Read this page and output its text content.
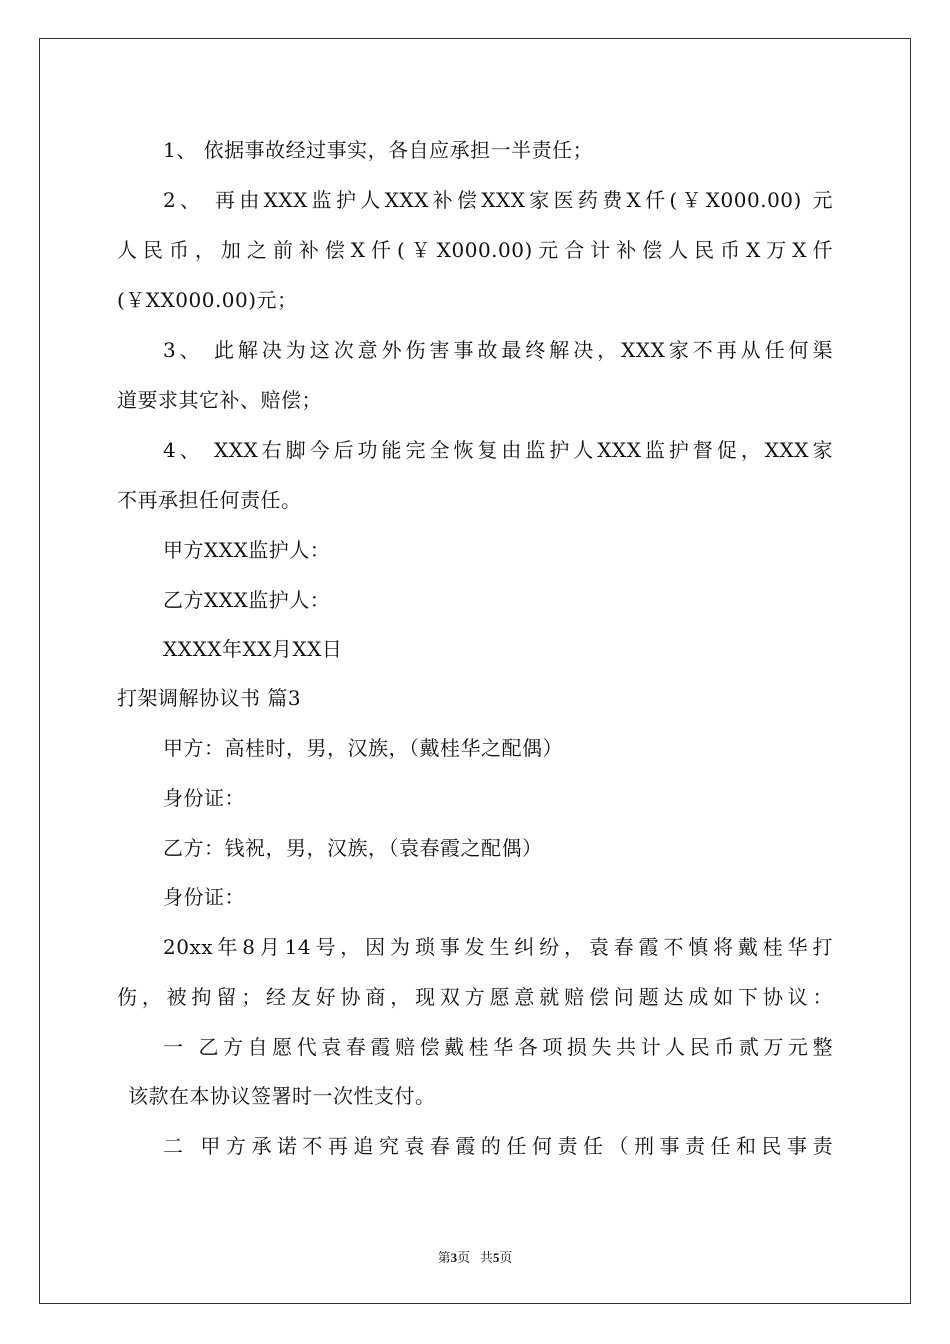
1、 依据事故经过事实，各自应承担一半责任；
2、 再由XXX监护人XXX补偿XXX家医药费X仟(￥X000.00) 元
人民币，加之前补偿X仟(￥X000.00)元合计补偿人民币X万X仟
(￥XX000.00)元；
3、 此解决为这次意外伤害事故最终解决，XXX家不再从任何渠
道要求其它补、赔偿；
4、 XXX右脚今后功能完全恢复由监护人XXX监护督促，XXX家
不再承担任何责任。
甲方XXX监护人：
乙方XXX监护人：
XXXX年XX月XX日
打架调解协议书 篇3
甲方：高桂时，男，汉族，（戴桂华之配偶）
身份证：
乙方：钱祝，男，汉族，（袁春霞之配偶）
身份证：
20xx年8月14号，因为琐事发生纠纷，袁春霞不慎将戴桂华打
伤，被拘留；经友好协商，现双方愿意就赔偿问题达成如下协议：
一 乙方自愿代袁春霞赔偿戴桂华各项损失共计人民币贰万元整
该款在本协议签署时一次性支付。
二 甲方承诺不再追究袁春霞的任何责任（刑事责任和民事责
第3页 共5页
